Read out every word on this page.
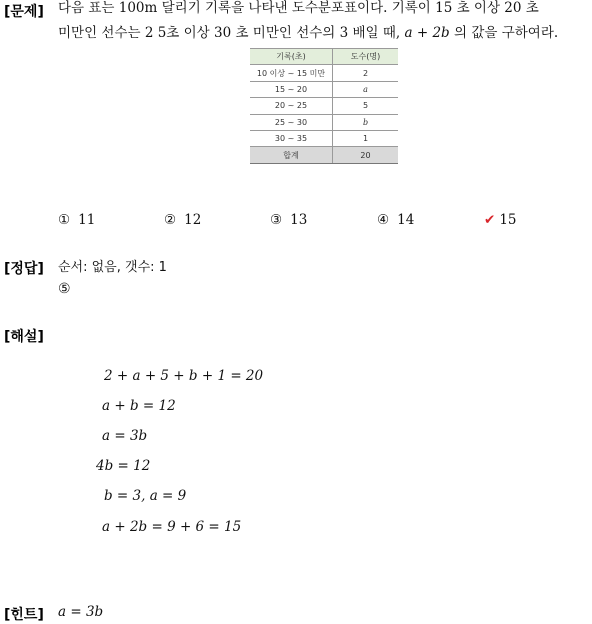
[문제] 다음 표는 100m 달리기 기록을 나타낸 도수분포표이다. 기록이 15 초 이상 20 초
미만인 선수는 2 5초 이상 30 초 미만인 선수의 3 배일 때, a + 2b 의 값을 구하여라.
기록(초)	도수(명)
10 이상 ~ 15 미만	2
15 ~ 20	a
20 ~ 25	5
25 ~ 30	b
30 ~ 35	1
합계	20
① 11	② 12	③ 13	④ 14	✔ 15
[정답] 순서: 없음, 갯수: 1
⑤
[해설]
2 + a + 5 + b + 1 = 20
a + b = 12
a = 3b
4b = 12
b = 3, a = 9
a + 2b = 9 + 6 = 15
[힌트] a = 3b
